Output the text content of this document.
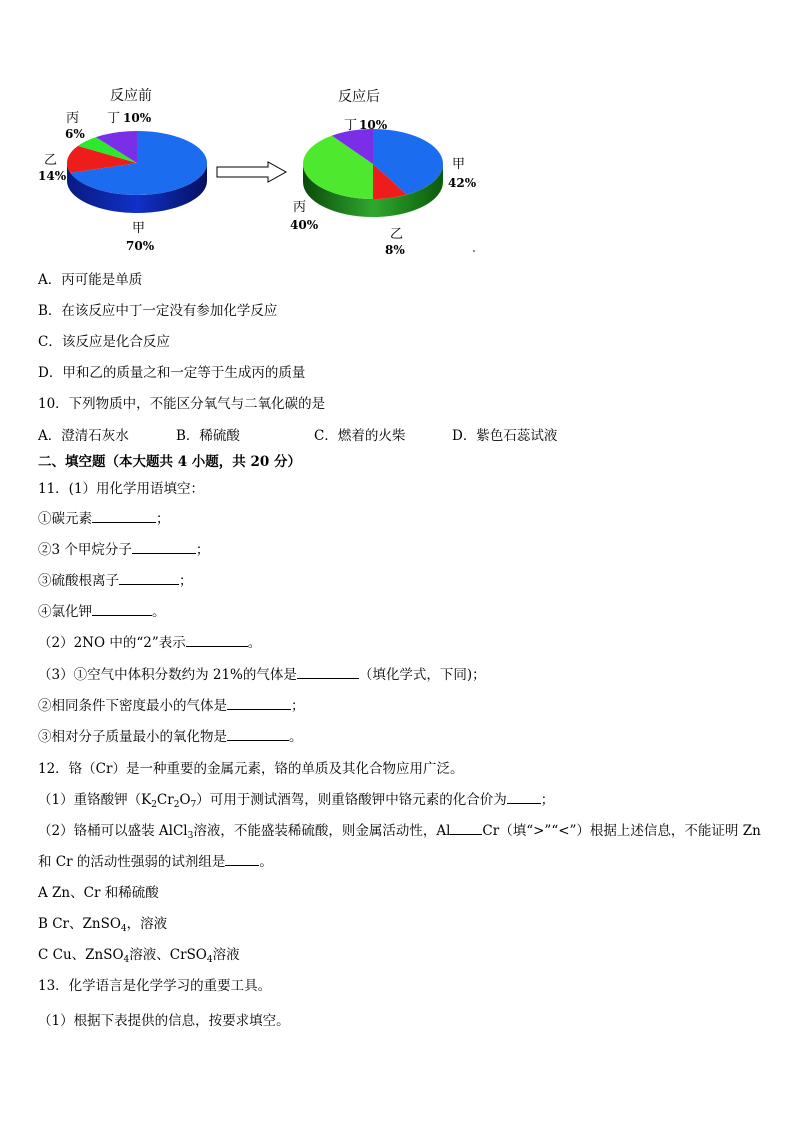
反应前	反应后
丙
6%
丁 10%
乙
14%
甲
70%
丁 10%
甲
42%
丙
40%
乙
8%
A．丙可能是单质
B．在该反应中丁一定没有参加化学反应
C．该反应是化合反应
D．甲和乙的质量之和一定等于生成丙的质量
10．下列物质中，不能区分氧气与二氧化碳的是
A．澄清石灰水	B．稀硫酸	C．燃着的火柴	D．紫色石蕊试液
二、填空题（本大题共 4 小题，共 20 分）
11．(1）用化学用语填空：
①碳元素	；
②3 个甲烷分子	；
③硫酸根离子	；
④氯化钾	。
（2）2NO 中的“2”表示	。
（3）①空气中体积分数约为 21%的气体是	（填化学式，下同)；
②相同条件下密度最小的气体是	；
③相对分子质量最小的氧化物是	。
12．铬（Cr）是一种重要的金属元素，铬的单质及其化合物应用广泛。
（1）重铬酸钾$(K_2Cr_2O_7)$可用于测试酒驾，则重铬酸钾中铬元素的化合价为	；
（2）铬桶可以盛装 AlCl$_3$溶液，不能盛装稀硫酸，则金属活动性，Al Cr（填“>”“<”）根据上述信息，不能证明 Zn
和 Cr 的活动性强弱的试剂组是	。
A Zn、Cr 和稀硫酸
B Cr、ZnSO$_4$，溶液
C Cu、ZnSO$_4$溶液、CrSO$_4$溶液
13．化学语言是化学学习的重要工具。
（1）根据下表提供的信息，按要求填空。
